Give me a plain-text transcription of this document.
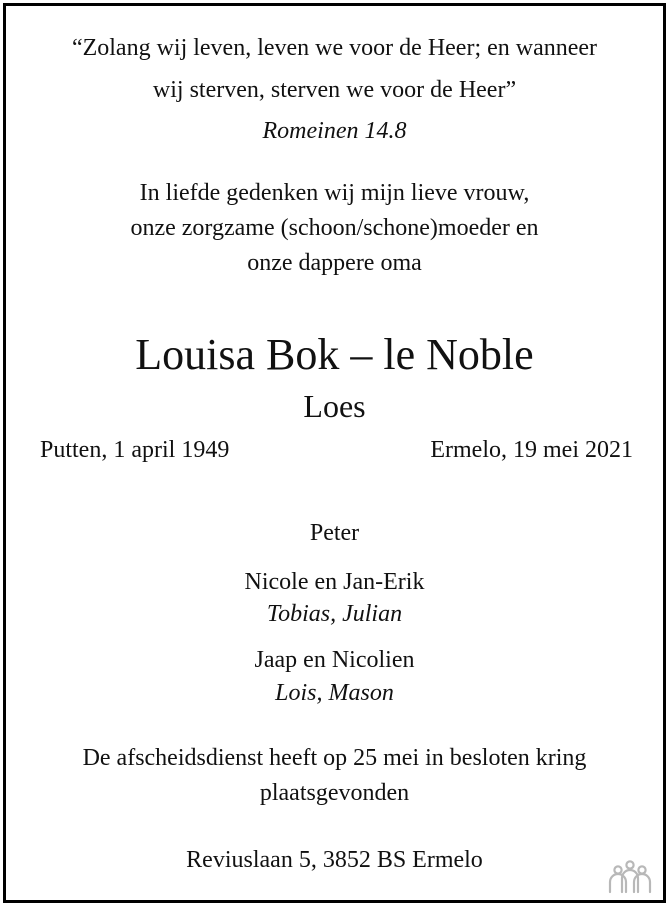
“Zolang wij leven, leven we voor de Heer; en wanneer
wij sterven, sterven we voor de Heer”
Romeinen 14.8
In liefde gedenken wij mijn lieve vrouw,
onze zorgzame (schoon/schone)moeder en
onze dappere oma
Louisa Bok – le Noble
Loes
Putten, 1 april 1949	Ermelo, 19 mei 2021
Peter
Nicole en Jan-Erik
Tobias, Julian
Jaap en Nicolien
Lois, Mason
De afscheidsdienst heeft op 25 mei in besloten kring
plaatsgevonden
Reviuslaan 5, 3852 BS Ermelo
